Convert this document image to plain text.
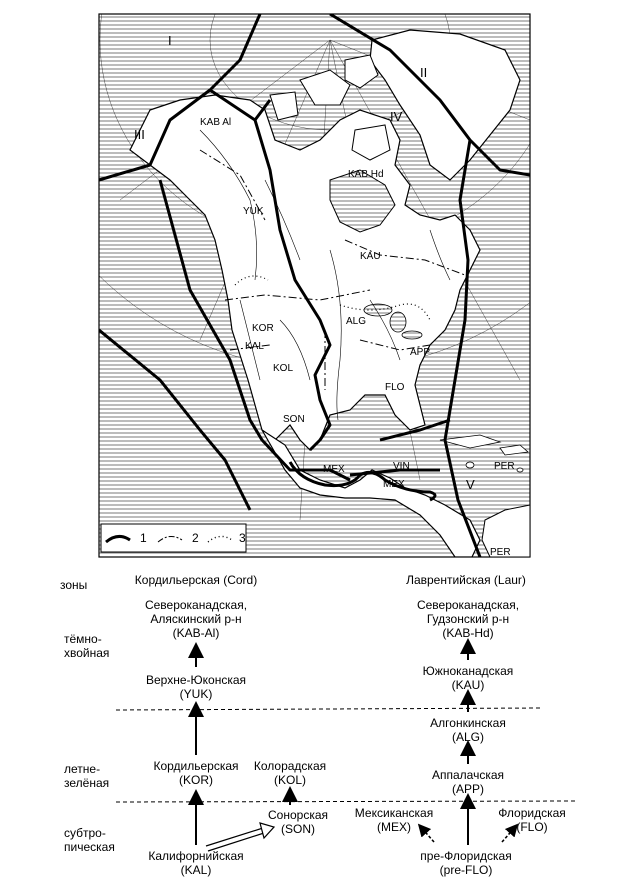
I
II
III
IV
V
KAB Al
KAB Hd
YUK
KAU
KOR
ALG
APP
KAL
KOL
FLO
SON
MEX
MEX
VIN	PER
PER
1	2	3
зоны
тёмно-
хвойная
летне-
зелёная
субтро-
пическая
Кордильерская (Cord)	Лаврентийская (Laur)
Североканадская,
Аляскинский р-н
(KAB-Al)
Верхне-Юконская
(YUK)
Кордильерская
(KOR)
Колорадская
(KOL)
Сонорская
(SON)
Калифорнийская
(KAL)
Североканадская,
Гудзонский р-н
(KAB-Hd)
Южноканадская
(KAU)
Алгонкинская
(ALG)
Аппалачская
(APP)
Мексиканская
(MEX)
Флоридская
(FLO)
пре-Флоридская
(pre-FLO)
